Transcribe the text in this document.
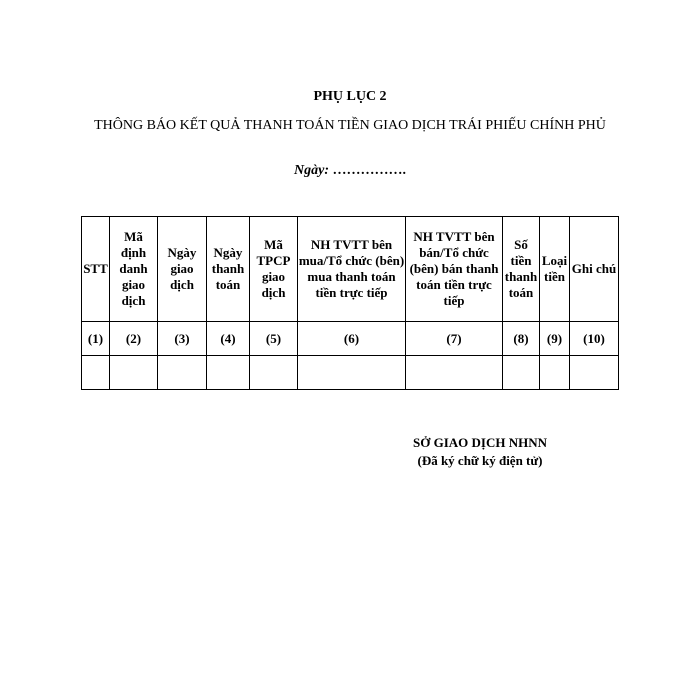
PHỤ LỤC 2
THÔNG BÁO KẾT QUẢ THANH TOÁN TIỀN GIAO DỊCH TRÁI PHIẾU CHÍNH PHỦ
Ngày: …………….
STT	Mã định danh giao dịch	Ngày giao dịch	Ngày thanh toán	Mã TPCP giao dịch	NH TVTT bên mua/Tổ chức (bên) mua thanh toán tiền trực tiếp	NH TVTT bên bán/Tổ chức (bên) bán thanh toán tiền trực tiếp	Số tiền thanh toán	Loại tiền	Ghi chú
(1)	(2)	(3)	(4)	(5)	(6)	(7)	(8)	(9)	(10)

SỞ GIAO DỊCH NHNN
(Đã ký chữ ký điện tử)
